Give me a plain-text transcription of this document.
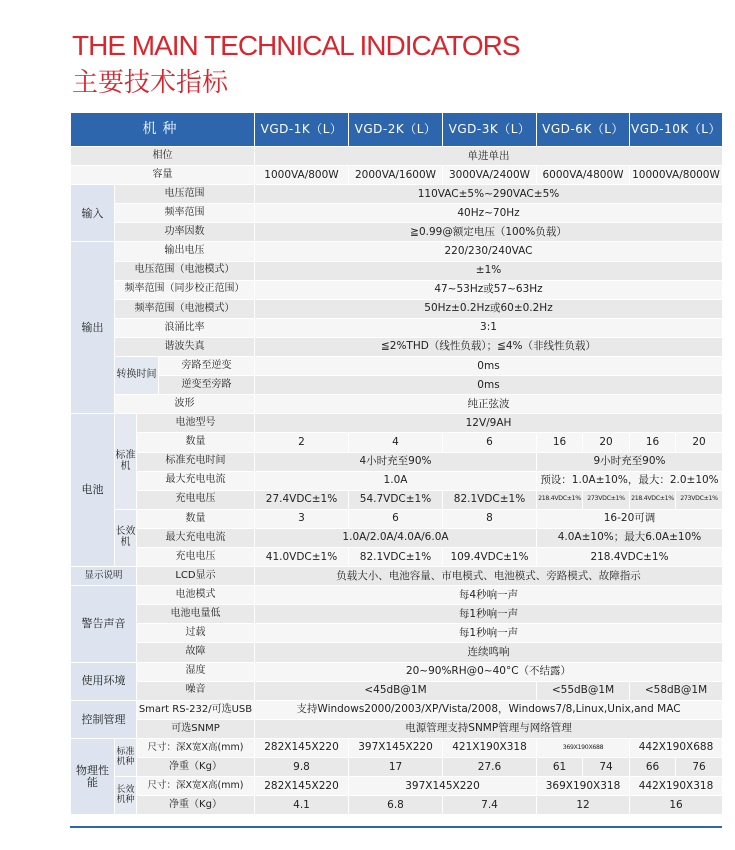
THE MAIN TECHNICAL INDICATORS
主要技术指标
机种				VGD-1K（L）	VGD-2K（L）	VGD-3K（L）	VGD-6K（L）		VGD-10K（L）	
相位				单进单出						
容量				1000VA/800W	2000VA/1600W	3000VA/2400W	6000VA/4800W		10000VA/8000W	
输入	电压范围			110VAC±5%~290VAC±5%						
	频率范围			40Hz~70Hz						
	功率因数			≧0.99@额定电压（100%负载）						
输出	输出电压			220/230/240VAC						
	电压范围（电池模式）			±1%						
	频率范围（同步校正范围）			47~53Hz或57~63Hz						
	频率范围（电池模式）			50Hz±0.2Hz或60±0.2Hz						
	浪涌比率			3:1						
	谐波失真			≦2%THD（线性负载）；≦4%（非线性负载）						
	转换时间		旁路至逆变	0ms						
			逆变至旁路	0ms						
	波形			纯正弦波						
电池	标准机	电池型号		12V/9AH						
		数量		2	4	6	16	20	16	20
		标准充电时间		4小时充至90%			9小时充至90%			
		最大充电电流		1.0A			预设：1.0A±10%，最大：2.0±10%			
		充电电压		27.4VDC±1%	54.7VDC±1%	82.1VDC±1%	218.4VDC±1%	273VDC±1%	218.4VDC±1%	273VDC±1%
	长效机	数量		3	6	8	16-20可调			
		最大充电电流		1.0A/2.0A/4.0A/6.0A			4.0A±10%；最大6.0A±10%			
		充电电压		41.0VDC±1%	82.1VDC±1%	109.4VDC±1%	218.4VDC±1%			
显示说明		LCD显示		负载大小、电池容量、市电模式、电池模式、旁路模式、故障指示						
警告声音		电池模式		每4秒响一声						
		电池电量低		每1秒响一声						
		过载		每1秒响一声						
		故障		连续鸣响						
使用环境		湿度		20~90%RH@0~40°C（不结露）						
		噪音		<45dB@1M			<55dB@1M		<58dB@1M	
控制管理		Smart RS-232/可选USB		支持Windows2000/2003/XP/Vista/2008，Windows7/8,Linux,Unix,and MAC						
		可选SNMP		电源管理支持SNMP管理与网络管理						
物理性能	标准机种	尺寸：深X宽X高(mm)		282X145X220	397X145X220	421X190X318	369X190X688		442X190X688	
		净重（Kg）		9.8	17	27.6	61	74	66	76
	长效机种	尺寸：深X宽X高(mm)		282X145X220	397X145X220		369X190X318		442X190X318	
		净重（Kg）		4.1	6.8	7.4	12		16	
